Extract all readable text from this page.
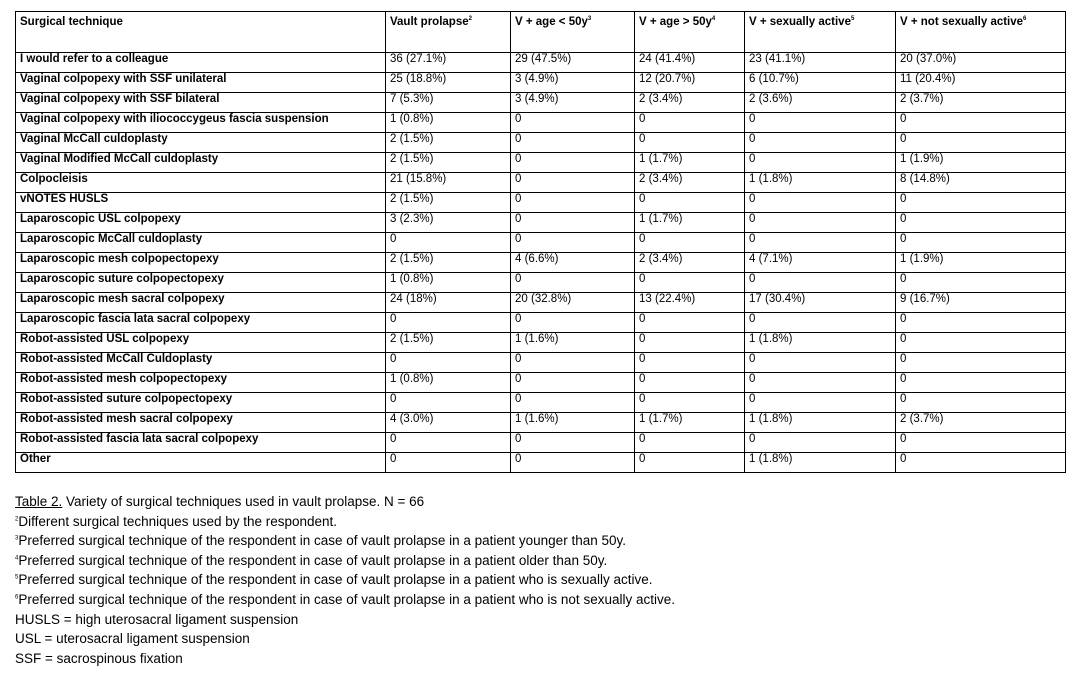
Surgical technique	Vault prolapse$^2$	V + age < $50y^3$	V + age > $50y^4$	V + sexually active$^5$	V + not sexually active$^6$
I would refer to a colleague	36 (27.1%)	29 (47.5%)	24 (41.4%)	23 (41.1%)	20 (37.0%)
Vaginal colpopexy with SSF unilateral	25 (18.8%)	3 (4.9%)	12 (20.7%)	6 (10.7%)	11 (20.4%)
Vaginal colpopexy with SSF bilateral	7 (5.3%)	3 (4.9%)	2 (3.4%)	2 (3.6%)	2 (3.7%)
Vaginal colpopexy with iliococcygeus fascia suspension	1 (0.8%)	0	0	0	0
Vaginal McCall culdoplasty	2 (1.5%)	0	0	0	0
Vaginal Modified McCall culdoplasty	2 (1.5%)	0	1 (1.7%)	0	1 (1.9%)
Colpocleisis	21 (15.8%)	0	2 (3.4%)	1 (1.8%)	8 (14.8%)
vNOTES HUSLS	2 (1.5%)	0	0	0	0
Laparoscopic USL colpopexy	3 (2.3%)	0	1 (1.7%)	0	0
Laparoscopic McCall culdoplasty	0	0	0	0	0
Laparoscopic mesh colpopectopexy	2 (1.5%)	4 (6.6%)	2 (3.4%)	4 (7.1%)	1 (1.9%)
Laparoscopic suture colpopectopexy	1 (0.8%)	0	0	0	0
Laparoscopic mesh sacral colpopexy	24 (18%)	20 (32.8%)	13 (22.4%)	17 (30.4%)	9 (16.7%)
Laparoscopic fascia lata sacral colpopexy	0	0	0	0	0
Robot-assisted USL colpopexy	2 (1.5%)	1 (1.6%)	0	1 (1.8%)	0
Robot-assisted McCall Culdoplasty	0	0	0	0	0
Robot-assisted mesh colpopectopexy	1 (0.8%)	0	0	0	0
Robot-assisted suture colpopectopexy	0	0	0	0	0
Robot-assisted mesh sacral colpopexy	4 (3.0%)	1 (1.6%)	1 (1.7%)	1 (1.8%)	2 (3.7%)
Robot-assisted fascia lata sacral colpopexy	0	0	0	0	0
Other	0	0	0	1 (1.8%)	0

Table 2. Variety of surgical techniques used in vault prolapse. N = 66

$^2$Different surgical techniques used by the respondent.

$^3$Preferred surgical technique of the respondent in case of vault prolapse in a patient younger than 50y.

$^4$Preferred surgical technique of the respondent in case of vault prolapse in a patient older than 50y.

$^5$Preferred surgical technique of the respondent in case of vault prolapse in a patient who is sexually active.

$^6$Preferred surgical technique of the respondent in case of vault prolapse in a patient who is not sexually active.

HUSLS = high uterosacral ligament suspension

USL = uterosacral ligament suspension

SSF = sacrospinous fixation
